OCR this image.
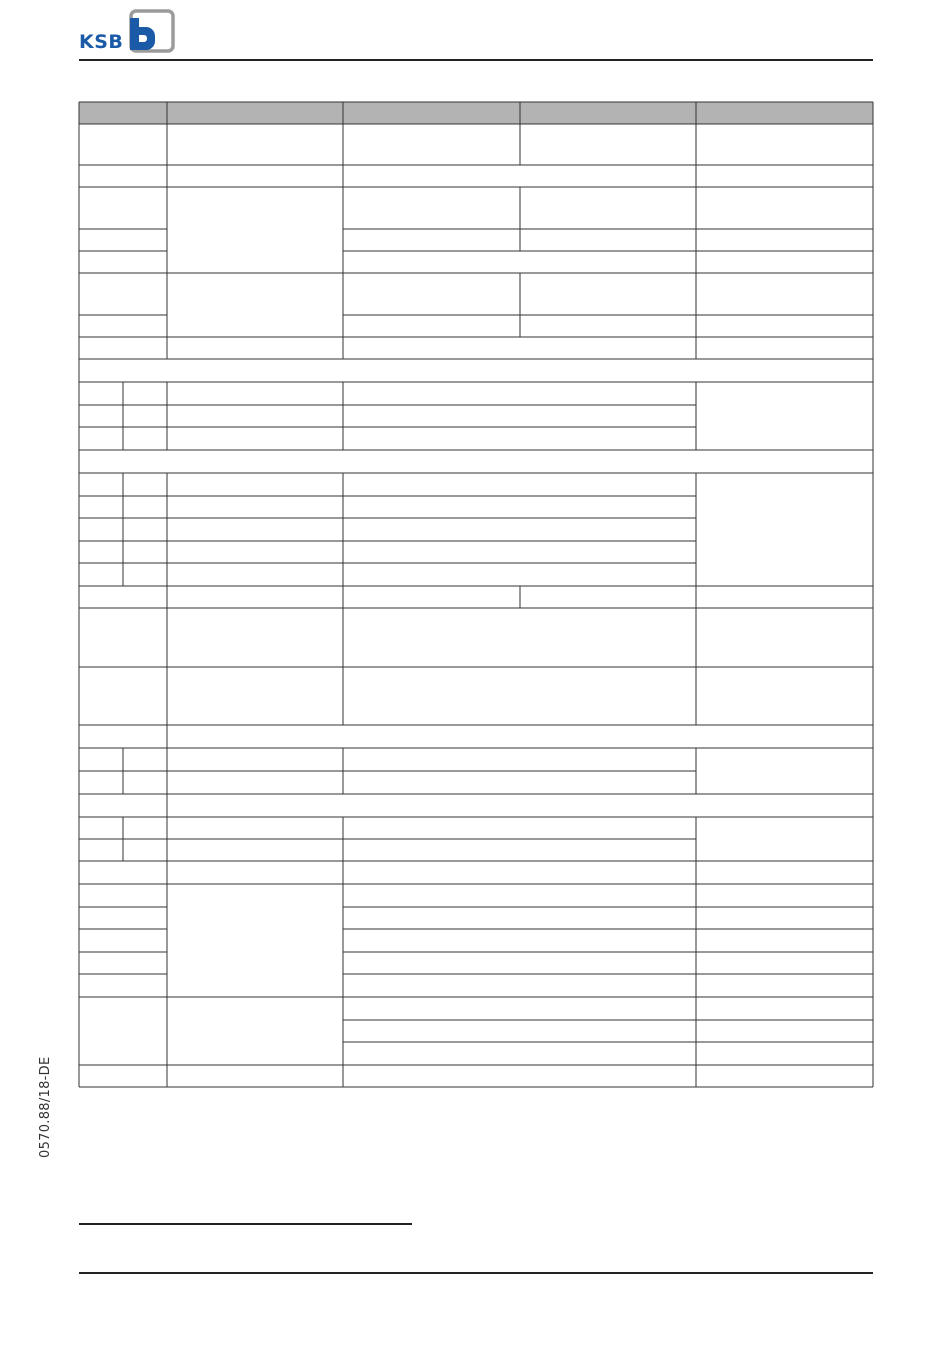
KSB
0570.88/18-DE
